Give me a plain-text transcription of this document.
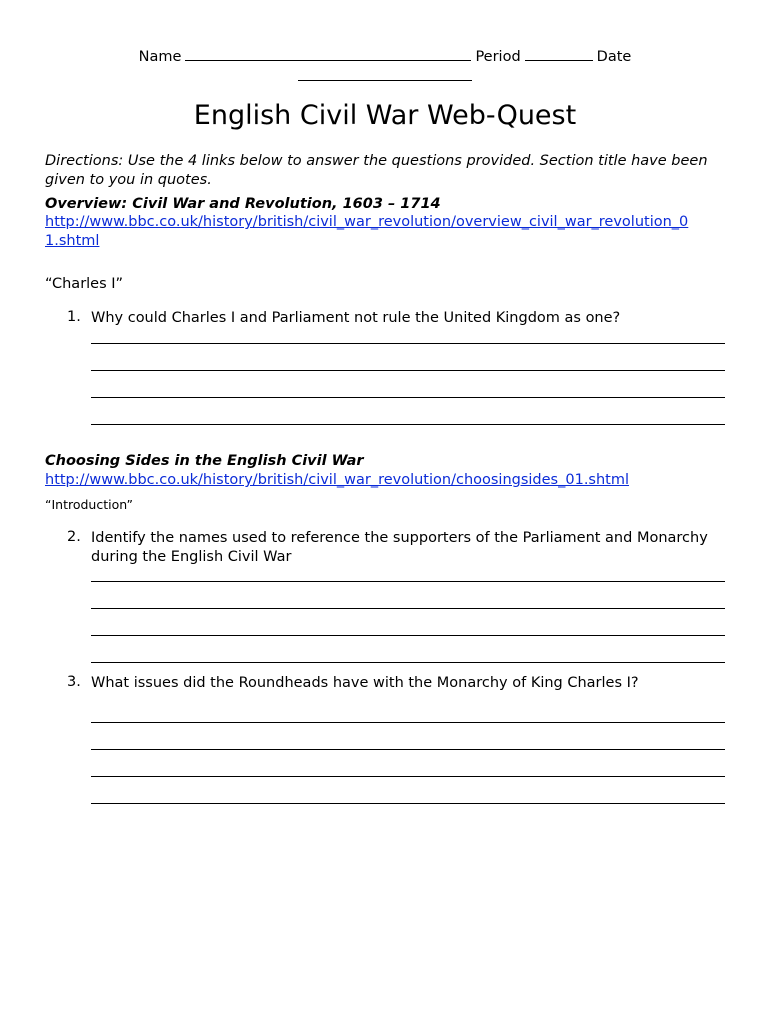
Name	Period	Date
English Civil War Web-Quest
Directions: Use the 4 links below to answer the questions provided. Section title have been given to you in quotes.
Overview: Civil War and Revolution, 1603 – 1714
http://www.bbc.co.uk/history/british/civil_war_revolution/overview_civil_war_revolution_0
1.shtml
“Charles I”
1. Why could Charles I and Parliament not rule the United Kingdom as one?
Choosing Sides in the English Civil War
http://www.bbc.co.uk/history/british/civil_war_revolution/choosingsides_01.shtml
“Introduction”
2. Identify the names used to reference the supporters of the Parliament and Monarchy during the English Civil War
3. What issues did the Roundheads have with the Monarchy of King Charles I?
